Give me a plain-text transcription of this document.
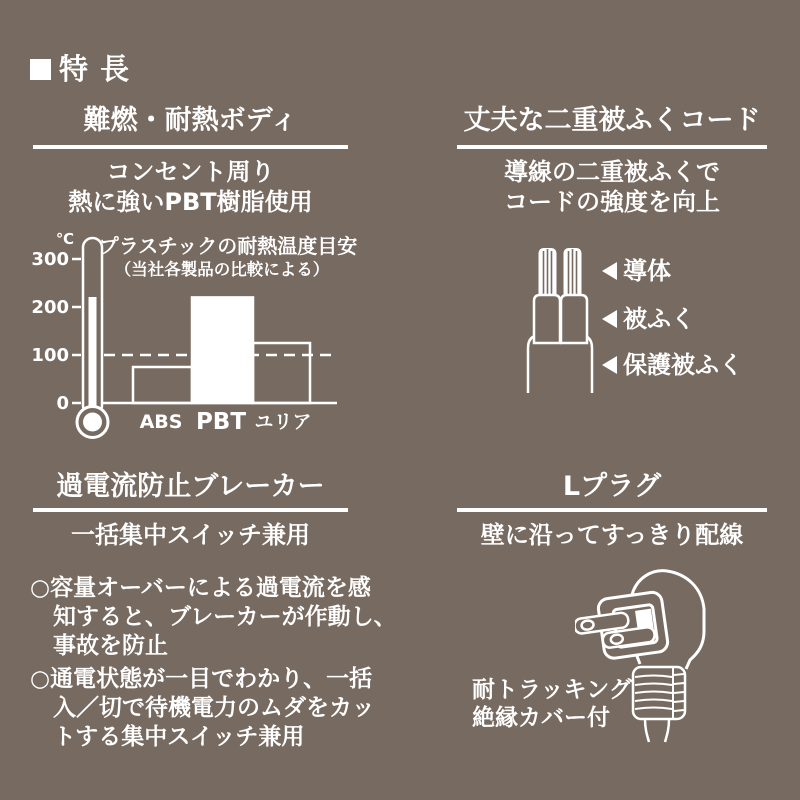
特 長
難燃・耐熱ボディ
コンセント周り
熱に強いPBT樹脂使用
℃
300
200
100
0
プラスチックの耐熱温度目安
（当社各製品の比較による）
ABS PBT ユリア
丈夫な二重被ふくコード
導線の二重被ふくで
コードの強度を向上
導体
被ふく
保護被ふく
過電流防止ブレーカー
一括集中スイッチ兼用
○容量オーバーによる過電流を感
知すると、ブレーカーが作動し、
事故を防止
○通電状態が一目でわかり、一括
入／切で待機電力のムダをカッ
トする集中スイッチ兼用
Lプラグ
壁に沿ってすっきり配線
耐トラッキング
絶縁カバー付
